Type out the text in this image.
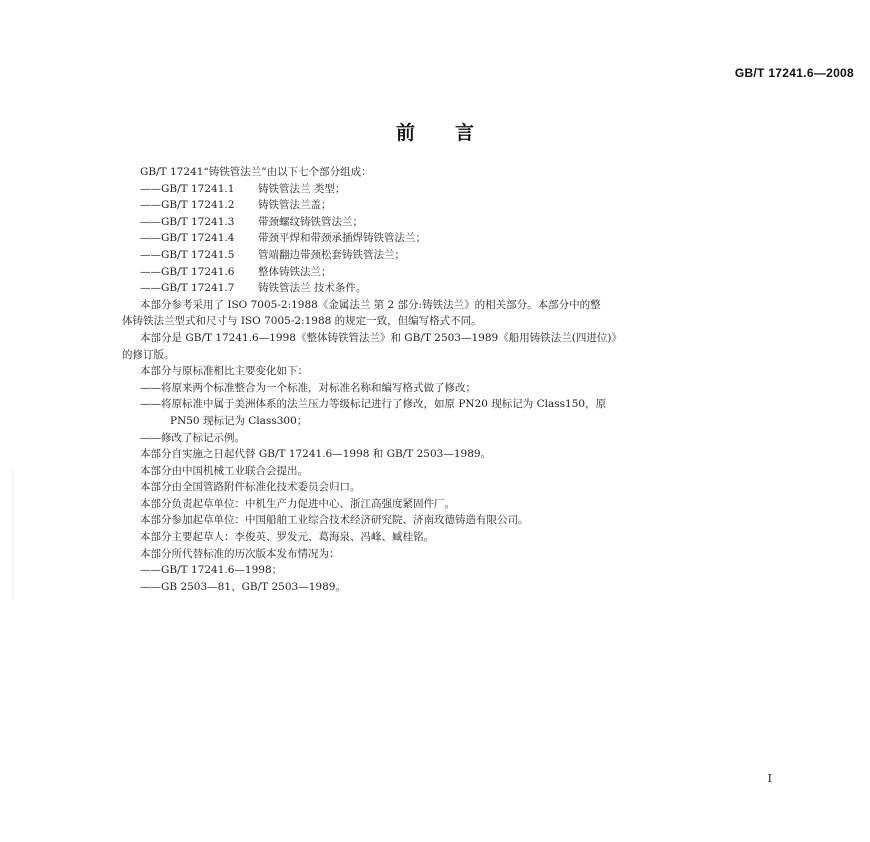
GB/T 17241.6—2008
前言
GB/T 17241“铸铁管法兰”由以下七个部分组成：
——GB/T 17241.1 铸铁管法兰 类型；
——GB/T 17241.2 铸铁管法兰盖；
——GB/T 17241.3 带颈螺纹铸铁管法兰；
——GB/T 17241.4 带颈平焊和带颈承插焊铸铁管法兰；
——GB/T 17241.5 管端翻边带颈松套铸铁管法兰；
——GB/T 17241.6 整体铸铁法兰；
——GB/T 17241.7 铸铁管法兰 技术条件。
本部分参考采用了 ISO 7005-2:1988《金属法兰 第 2 部分:铸铁法兰》的相关部分。本部分中的整
体铸铁法兰型式和尺寸与 ISO 7005-2:1988 的规定一致，但编写格式不同。
本部分是 GB/T 17241.6—1998《整体铸铁管法兰》和 GB/T 2503—1989《船用铸铁法兰(四进位)》
的修订版。
本部分与原标准相比主要变化如下：
——将原来两个标准整合为一个标准，对标准名称和编写格式做了修改；
——将原标准中属于美洲体系的法兰压力等级标记进行了修改，如原 PN20 现标记为 Class150，原
PN50 现标记为 Class300；
——修改了标记示例。
本部分自实施之日起代替 GB/T 17241.6—1998 和 GB/T 2503—1989。
本部分由中国机械工业联合会提出。
本部分由全国管路附件标准化技术委员会归口。
本部分负责起草单位：中机生产力促进中心、浙江高强度紧固件厂。
本部分参加起草单位：中国船舶工业综合技术经济研究院、济南玫德铸造有限公司。
本部分主要起草人：李俊英、罗发元、葛海泉、冯峰、臧桂铭。
本部分所代替标准的历次版本发布情况为：
——GB/T 17241.6—1998；
——GB 2503—81、GB/T 2503—1989。
I
